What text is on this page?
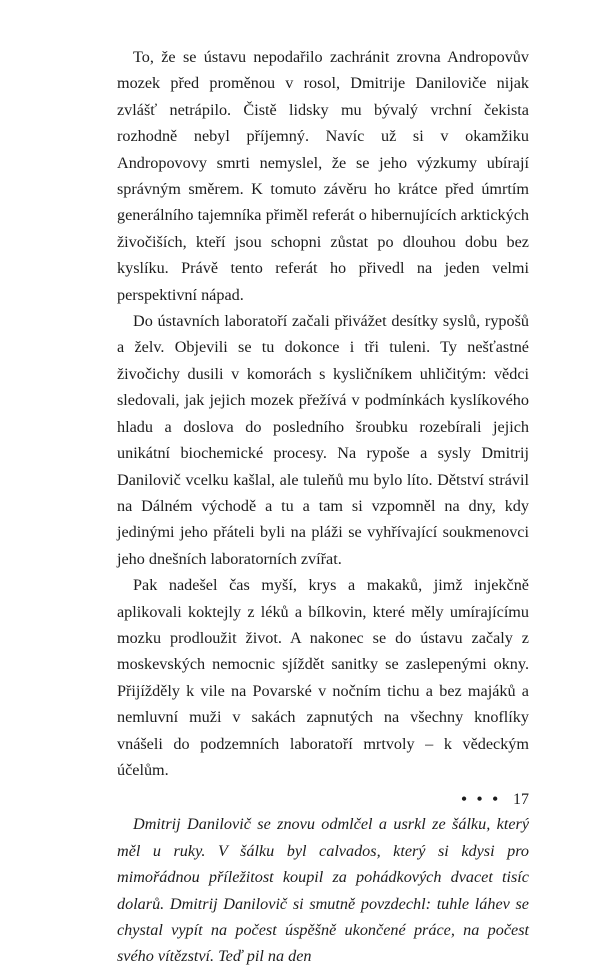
To, že se ústavu nepodařilo zachránit zrovna Andropovův mozek před proměnou v rosol, Dmitrije Daniloviče nijak zvlášť netrápilo. Čistě lidsky mu bývalý vrchní čekista rozhodně nebyl příjemný. Navíc už si v okamžiku Andropovovy smrti nemyslel, že se jeho výzkumy ubírají správným směrem. K tomuto závěru ho krátce před úmrtím generálního tajemníka přiměl referát o hibernujících arktických živočiších, kteří jsou schopni zůstat po dlouhou dobu bez kyslíku. Právě tento referát ho přivedl na jeden velmi perspektivní nápad.

Do ústavních laboratoří začali přivážet desítky syslů, rypošů a želv. Objevili se tu dokonce i tři tuleni. Ty nešťastné živočichy dusili v komorách s kysličníkem uhličitým: vědci sledovali, jak jejich mozek přežívá v podmínkách kyslíkového hladu a doslova do posledního šroubku rozebírali jejich unikátní biochemické procesy. Na rypoše a sysly Dmitrij Danilovič vcelku kašlal, ale tuleňů mu bylo líto. Dětství strávil na Dálném východě a tu a tam si vzpomněl na dny, kdy jedinými jeho přáteli byli na pláži se vyhřívající soukmenovci jeho dnešních laboratorních zvířat.

Pak nadešel čas myší, krys a makaků, jimž injekčně aplikovali koktejly z léků a bílkovin, které měly umírajícímu mozku prodloužit život. A nakonec se do ústavu začaly z moskevských nemocnic sjíždět sanitky se zaslepenými okny. Přijížděly k vile na Povarské v nočním tichu a bez majáků a nemluvní muži v sakách zapnutých na všechny knoflíky vnášeli do podzemních laboratoří mrtvoly – k vědeckým účelům.

Dmitrij Danilovič se znovu odmlčel a usrkl ze šálku, který měl u ruky. V šálku byl calvados, který si kdysi pro mimořádnou příležitost koupil za pohádkových dvacet tisíc dolarů. Dmitrij Danilovič si smutně povzdechl: tuhle láhev se chystal vypít na počest úspěšně ukončené práce, na počest svého vítězství. Teď pil na den

• • • 17
